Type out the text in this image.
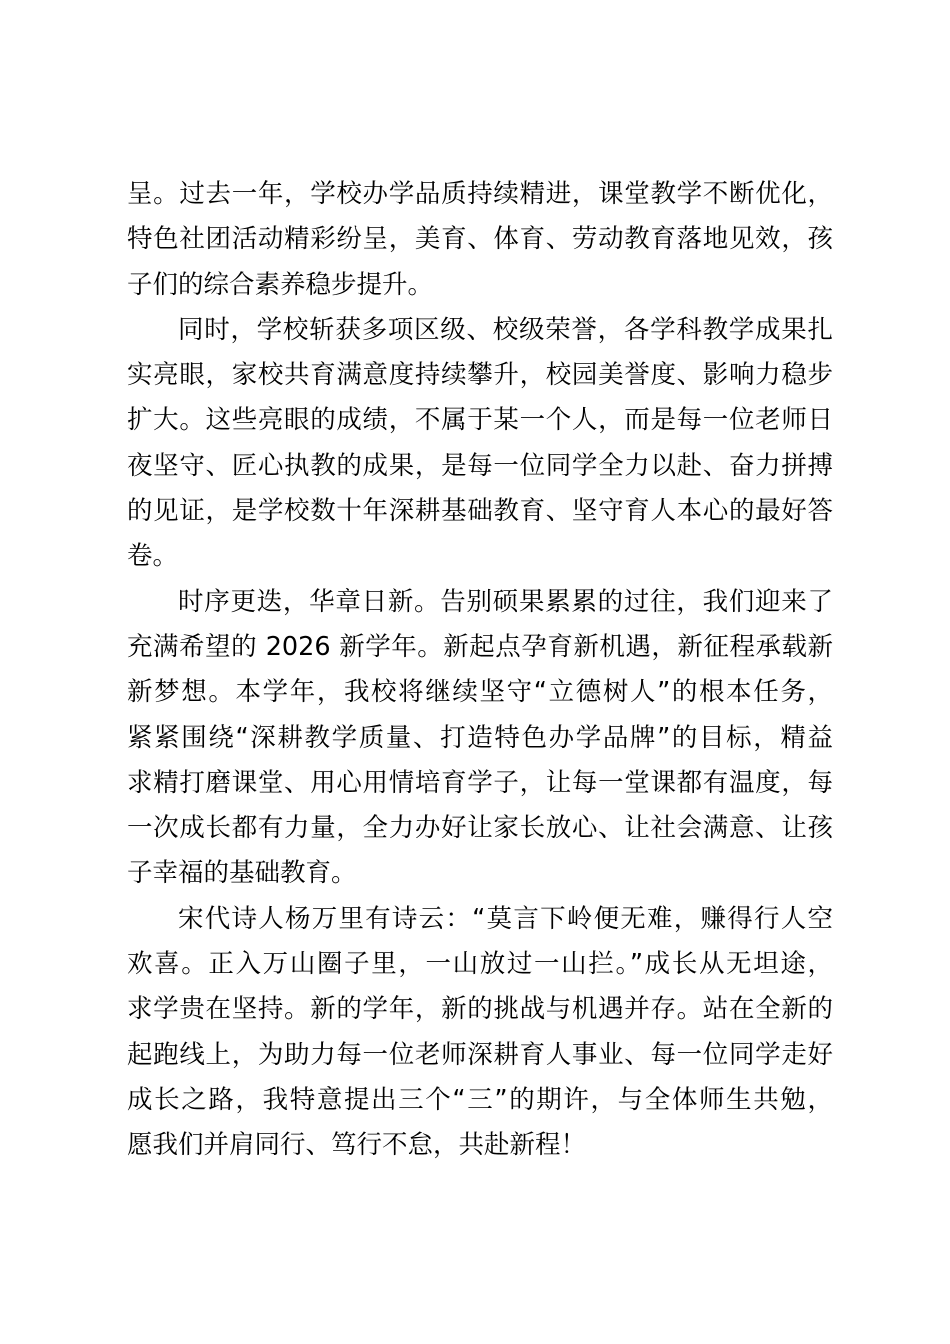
呈。过去一年，学校办学品质持续精进，课堂教学不断优化，
特色社团活动精彩纷呈，美育、体育、劳动教育落地见效，孩
子们的综合素养稳步提升。
同时，学校斩获多项区级、校级荣誉，各学科教学成果扎
实亮眼，家校共育满意度持续攀升，校园美誉度、影响力稳步
扩大。这些亮眼的成绩，不属于某一个人，而是每一位老师日
夜坚守、匠心执教的成果，是每一位同学全力以赴、奋力拼搏
的见证，是学校数十年深耕基础教育、坚守育人本心的最好答
卷。
时序更迭，华章日新。告别硕果累累的过往，我们迎来了
充满希望的 2026 新学年。新起点孕育新机遇，新征程承载新
新梦想。本学年，我校将继续坚守“立德树人”的根本任务，
紧紧围绕“深耕教学质量、打造特色办学品牌”的目标，精益
求精打磨课堂、用心用情培育学子，让每一堂课都有温度，每
一次成长都有力量，全力办好让家长放心、让社会满意、让孩
子幸福的基础教育。
宋代诗人杨万里有诗云：“莫言下岭便无难，赚得行人空
欢喜。正入万山圈子里，一山放过一山拦。”成长从无坦途，
求学贵在坚持。新的学年，新的挑战与机遇并存。站在全新的
起跑线上，为助力每一位老师深耕育人事业、每一位同学走好
成长之路，我特意提出三个“三”的期许，与全体师生共勉，
愿我们并肩同行、笃行不怠，共赴新程！
